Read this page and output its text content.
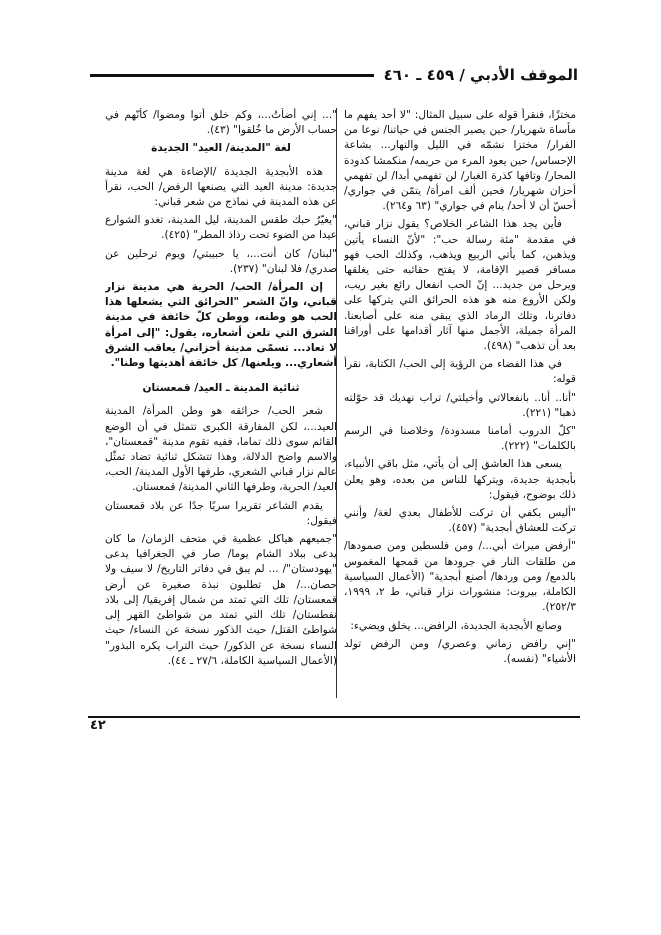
الموقف الأدبي / ٤٥٩ ـ ٤٦٠

مختزًا، فنقرأ قوله على سبيل المثال: "لا أحد يفهم ما مأساة شهريار/ حين يصير الجنس في حياتنا/ نوعا من الفرار/ مختزا نشمّه في الليل والنهار... بشاعة الإحساس/ حين يعود المرء من حريمه/ منكمشا كدودة المحار/ وتافها كذرة الغبار/ لن تفهمي أبدا/ لن تفهمي أحزان شهريار/ فحين ألف امرأة/ يتمّن في جواري/ أحسّ أن لا أحد/ ينام في جواري" (٦٣ و٢٦٤).

فأين يجد هذا الشاعر الخلاص؟ يقول نزار قباني، في مقدمة "مئة رسالة حب": "لأنّ النساء يأتين ويذهبن، كما يأتي الربيع ويذهب، وكذلك الحب فهو مسافر قصير الإقامة، لا يفتح حقائبه حتى يغلقها ويرحل من جديد... إنّ الحب انفعال رائع بغير ريب، ولكن الأروع منه هو هذه الحرائق التي يتركها على دفاترنا، وتلك الرماد الذي يبقى منه على أصابعنا. المرأة جميلة، الأجمل منها آثار أقدامها على أوراقنا بعد أن تذهب" (٤٩٨).

في هذا الفضاء من الرؤية إلى الحب/ الكتابة، نقرأ قوله:

"أنا.. أنا.. بانفعالاتي وأخيلتي/ تراب نهديك قد حوّلته ذهبا" (٢٢١).

"كلّ الدروب أمامنا مسدودة/ وخلاصنا في الرسم بالكلمات" (٢٢٢).

يسعى هذا العاشق إلى أن يأتي، مثل باقي الأنبياء، بأبجدية جديدة، ويتركها للناس من بعده، وهو يعلن ذلك بوضوح، فيقول:

"أليس يكفي أن تركت للأطفال بعدي لغة/ وأنني تركت للعشاق أبجدية" (٤٥٧).

"أرفض ميراث أبي.../ ومن فلسطين ومن صمودها/ من طلقات النار في جرودها من قمحها المغموس بالدمع/ ومن وردها/ أصنع أبجدية" (الأعمال السياسية الكاملة، بيروت: منشورات نزار قباني، ط ٢، ١٩٩٩، ٢٥٢/٣).

وصانع الأبجدية الجديدة، الرافض... يخلق ويضيء:

"إني رافض زماني وعصري/ ومن الرفض تولد الأشياء" (نفسه).

"... إني أضأتُ...، وكم خلق أتوا ومضوا/ كأنّهم في حساب الأرض ما خُلقوا" (٤٣).

لغة "المدينة/ العيد" الجديدة

هذه الأبجدية الجديدة /الإضاءة هي لغة مدينة جديدة: مدينة العيد التي يصنعها الرفض/ الحب، نقرأ عن هذه المدينة في نماذج من شعر قباني:

"يغيّرُ حبك طقس المدينة، ليل المدينة، تغدو الشوارع عيدا من الضوء تحت رذاذ المطر" (٤٢٥).

"لبنان/ كان أنت...، يا حبيبتي/ ويوم ترحلين عن صدري/ فلا لبنان" (٢٣٧).

إن المرأة/ الحب/ الحرية هي مدينة نزار قباني، وانّ الشعر "الحرائق التي يشعلها هذا الحب هو وطنه، ووطن كلّ خائفة في مدينة الشرق التي تلعن أشعاره، يقول: "إلى امرأة لا تعاد... تسمّى مدينة أحزاني/ يعاقب الشرق أشعاري... ويلعنها/ كل خائفة أهديتها وطنا".

ثنائية المدينة ـ العيد/ قمعستان

شعر الحب/ حرائقه هو وطن المرأة/ المدينة العيد...، لكن المفارقة الكبرى تتمثل في أن الوضع القائم سوى ذلك تماما، ففيه تقوم مدينة "قمعستان"، والاسم واضح الدلالة، وهذا تتشكل ثنائية تضاد تمثّل عالم نزار قباني الشعري، طرفها الأول المدينة/ الحب، العيد/ الحرية، وطرفها الثاني المدينة/ قمعستان.

يقدم الشاعر تقريرا سريًا جدًا عن بلاد قمعستان فيقول:

"جميعهم هياكل عظمية في متحف الزمان/ ما كان يدعى ببلاد الشام يوما/ صار في الجغرافيا يدعى "يهودستان"/ ... لم يبق في دفاتر التاريخ/ لا سيف ولا حصان.../ هل تطلبون نبذة صغيرة عن أرض قمعستان/ تلك التي تمتد من شمال إفريقيا/ إلى بلاد نفطستان/ تلك التي تمتد من شواطئ القهر إلى شواطئ القتل/ حيث الذكور نسخة عن النساء/ حيث النساء نسخة عن الذكور/ حيث التراب يكره البذور" (الأعمال السياسية الكاملة، ٢٧/٦ ـ ٤٤).

٤٢
